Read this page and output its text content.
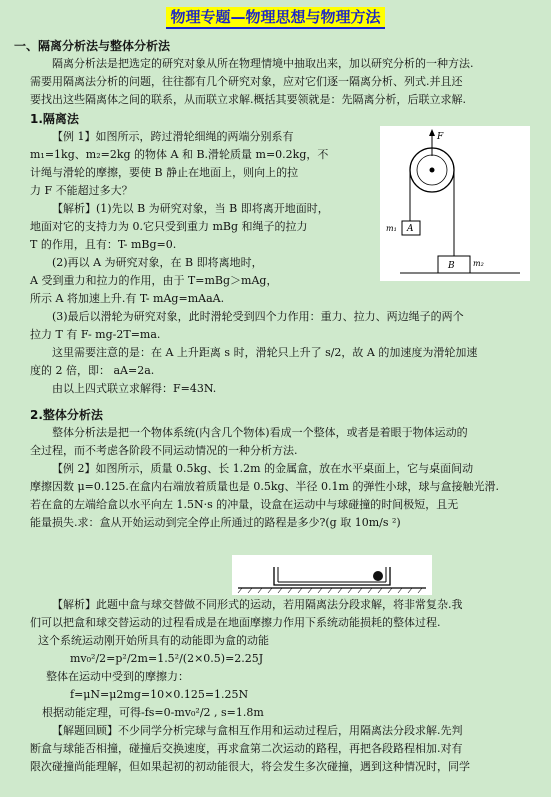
物理专题—物理思想与物理方法
一、隔离分析法与整体分析法

隔离分析法是把选定的研究对象从所在物理情境中抽取出来，加以研究分析的一种方法.

需要用隔离法分析的问题，往往都有几个研究对象，应对它们逐一隔离分析、列式.并且还

要找出这些隔离体之间的联系，从而联立求解.概括其要领就是：先隔离分析，后联立求解.

1.隔离法

【例 1】如图所示，跨过滑轮细绳的两端分别系有

m₁=1kg、m₂=2kg 的物体 A 和 B.滑轮质量 m=0.2kg，不

计绳与滑轮的摩擦，要使 B 静止在地面上，则向上的拉

力 F 不能超过多大？

【解析】(1)先以 B 为研究对象，当 B 即将离开地面时，

地面对它的支持力为 0.它只受到重力 mBg 和绳子的拉力

T 的作用，且有：T- mBg=0.

(2)再以 A 为研究对象，在 B 即将离地时，

A 受到重力和拉力的作用，由于 T=mBg＞mAg，

所示 A 将加速上升.有 T- mAg=mAaA.

(3)最后以滑轮为研究对象，此时滑轮受到四个力作用：重力、拉力、两边绳子的两个

拉力 T 有 F- mg-2T=ma.

这里需要注意的是：在 A 上升距离 s 时，滑轮只上升了 s/2，故 A 的加速度为滑轮加速

度的 2 倍，即： aA=2a.

由以上四式联立求解得：F=43N.

F
A
m₁
B m₂
2.整体分析法

整体分析法是把一个物体系统(内含几个物体)看成一个整体，或者是着眼于物体运动的

全过程，而不考虑各阶段不同运动情况的一种分析方法.

【例 2】如图所示，质量 0.5kg、长 1.2m 的金属盒，放在水平桌面上，它与桌面间动

摩擦因数 μ=0.125.在盒内右端放着质量也是 0.5kg、半径 0.1m 的弹性小球，球与盒接触光滑.

若在盒的左端给盒以水平向左 1.5N·s 的冲量，设盒在运动中与球碰撞的时间极短，且无

能量损失.求：盒从开始运动到完全停止所通过的路程是多少?(g 取 10m/s ²)

【解析】此题中盒与球交替做不同形式的运动，若用隔离法分段求解，将非常复杂.我

们可以把盒和球交替运动的过程看成是在地面摩擦力作用下系统动能损耗的整体过程.

这个系统运动刚开始所具有的动能即为盒的动能

mv₀²/2=p²/2m=1.5²/(2×0.5)=2.25J

整体在运动中受到的摩擦力：

f=μN=μ2mg=10×0.125=1.25N

根据动能定理，可得-fs=0-mv₀²/2 , s=1.8m

【解题回顾】不少同学分析完球与盒相互作用和运动过程后，用隔离法分段求解.先判

断盒与球能否相撞，碰撞后交换速度，再求盒第二次运动的路程，再把各段路程相加.对有

限次碰撞尚能理解，但如果起初的初动能很大，将会发生多次碰撞，遇到这种情况时，同学
